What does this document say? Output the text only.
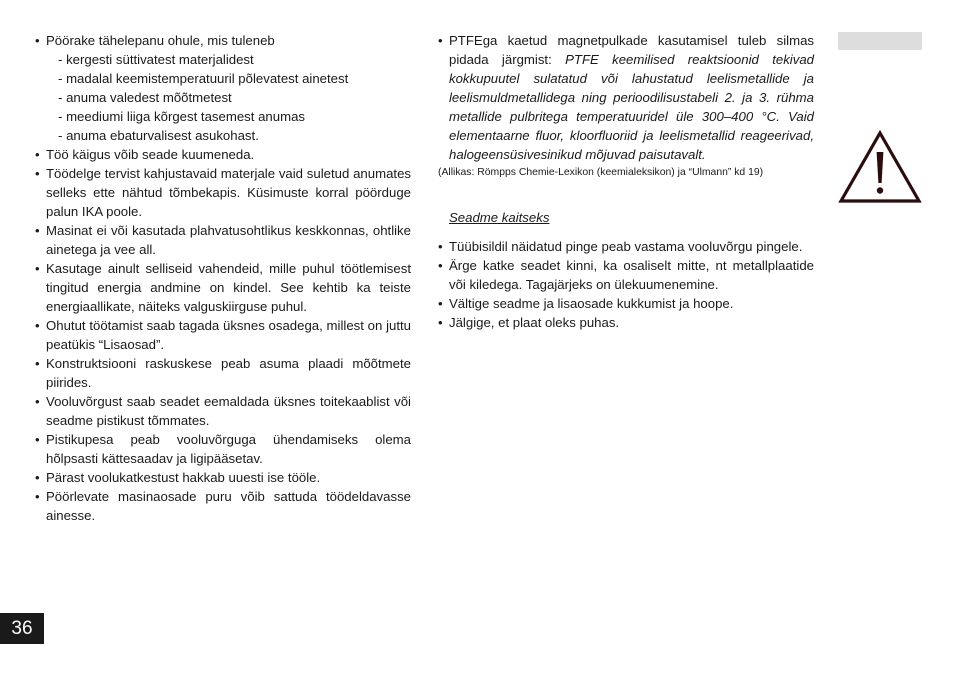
• Pöörake tähelepanu ohule, mis tuleneb
- kergesti süttivatest materjalidest
- madalal keemistemperatuuril põlevatest ainetest
- anuma valedest mõõtmetest
- meediumi liiga kõrgest tasemest anumas
- anuma ebaturvalisest asukohast.
• Töö käigus võib seade kuumeneda.
• Töödelge tervist kahjustavaid materjale vaid suletud anumates selleks ette nähtud tõmbekapis. Küsimuste korral pöörduge palun IKA poole.
• Masinat ei või kasutada plahvatusohtlikus keskkonnas, ohtlike ainetega ja vee all.
• Kasutage ainult selliseid vahendeid, mille puhul töötlemisest tingitud energia andmine on kindel. See kehtib ka teiste energiaallikate, näiteks valguskiirguse puhul.
• Ohutut töötamist saab tagada üksnes osadega, millest on juttu peatükis “Lisaosad”.
• Konstruktsiooni raskuskese peab asuma plaadi mõõtmete piirides.
• Vooluvõrgust saab seadet eemaldada üksnes toitekaablist või seadme pistikust tõmmates.
• Pistikupesa peab vooluvõrguga ühendamiseks olema hõlpsasti kättesaadav ja ligipääsetav.
• Pärast voolukatkestust hakkab uuesti ise tööle.
• Pöörlevate masinaosade puru võib sattuda töödeldavasse ainesse.
• PTFEga kaetud magnetpulkade kasutamisel tuleb silmas pidada järgmist: PTFE keemilised reaktsioonid tekivad kokkupuutel sulatatud või lahustatud leelismetallide ja leelismuldmetallidega ning perioodilisustabeli 2. ja 3. rühma metallide pulbritega temperatuuridel üle 300–400 °C. Vaid elementaarne fluor, kloorfluoriid ja leelismetallid reageerivad, halogeensüsivesinikud mõjuvad paisutavalt.
(Allikas: Römpps Chemie-Lexikon (keemialeksikon) ja “Ulmann” kd 19)
Seadme kaitseks
• Tüübisildil näidatud pinge peab vastama vooluvõrgu pingele.
• Ärge katke seadet kinni, ka osaliselt mitte, nt metallplaatide või kiledega. Tagajärjeks on ülekuumenemine.
• Vältige seadme ja lisaosade kukkumist ja hoope.
• Jälgige, et plaat oleks puhas.
36
